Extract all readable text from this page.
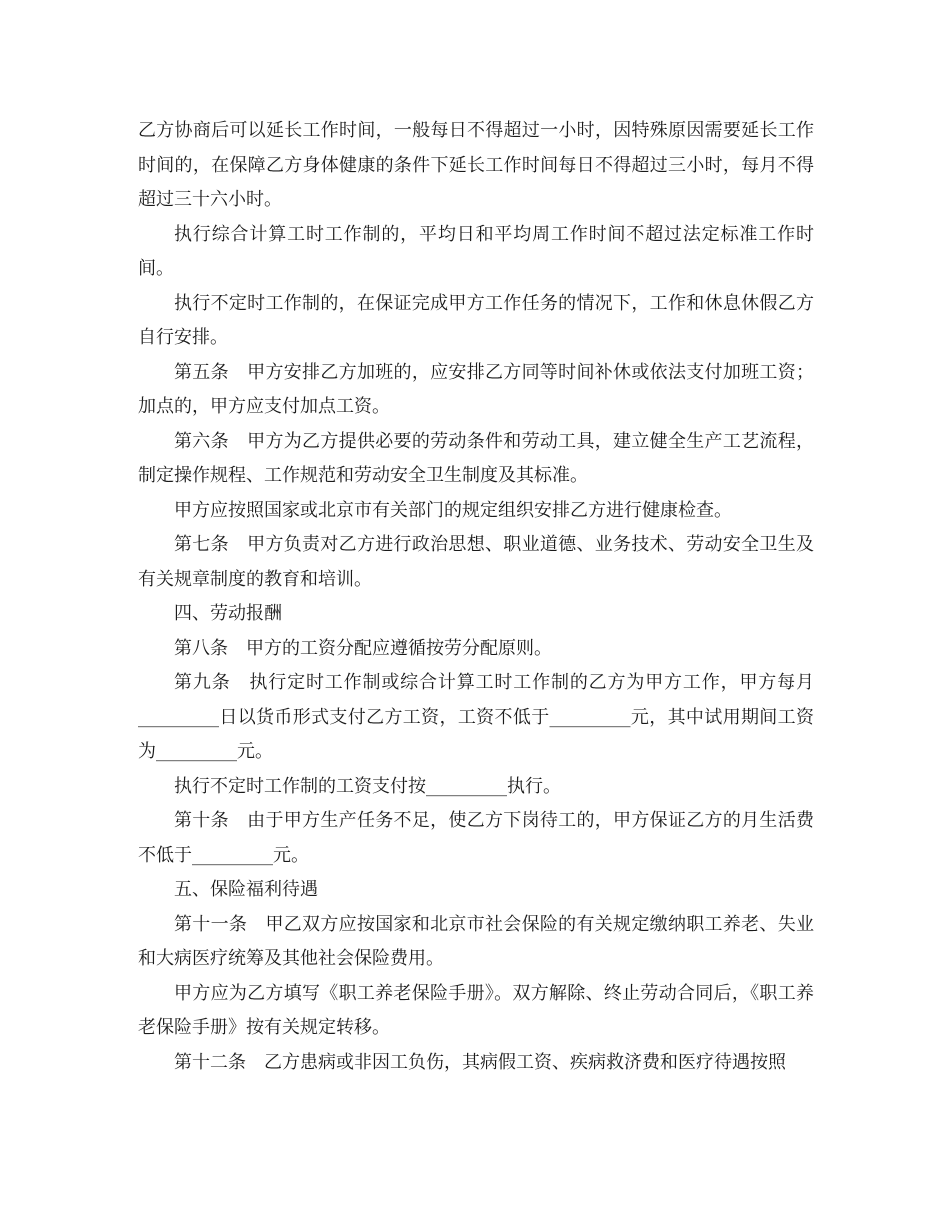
乙方协商后可以延长工作时间，一般每日不得超过一小时，因特殊原因需要延长工作时间的，在保障乙方身体健康的条件下延长工作时间每日不得超过三小时，每月不得超过三十六小时。

执行综合计算工时工作制的，平均日和平均周工作时间不超过法定标准工作时间。

执行不定时工作制的，在保证完成甲方工作任务的情况下，工作和休息休假乙方自行安排。

第五条　甲方安排乙方加班的，应安排乙方同等时间补休或依法支付加班工资；加点的，甲方应支付加点工资。

第六条　甲方为乙方提供必要的劳动条件和劳动工具，建立健全生产工艺流程，制定操作规程、工作规范和劳动安全卫生制度及其标准。

甲方应按照国家或北京市有关部门的规定组织安排乙方进行健康检查。

第七条　甲方负责对乙方进行政治思想、职业道德、业务技术、劳动安全卫生及有关规章制度的教育和培训。

四、劳动报酬

第八条　甲方的工资分配应遵循按劳分配原则。

第九条　执行定时工作制或综合计算工时工作制的乙方为甲方工作，甲方每月_________日以货币形式支付乙方工资，工资不低于_________元，其中试用期间工资为_________元。

执行不定时工作制的工资支付按_________执行。

第十条　由于甲方生产任务不足，使乙方下岗待工的，甲方保证乙方的月生活费不低于_________元。

五、保险福利待遇

第十一条　甲乙双方应按国家和北京市社会保险的有关规定缴纳职工养老、失业和大病医疗统筹及其他社会保险费用。

甲方应为乙方填写《职工养老保险手册》。双方解除、终止劳动合同后，《职工养老保险手册》按有关规定转移。

第十二条　乙方患病或非因工负伤，其病假工资、疾病救济费和医疗待遇按照
